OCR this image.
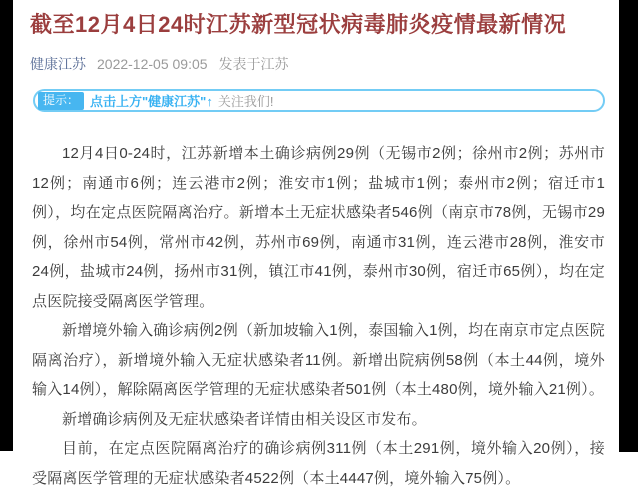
截至12月4日24时江苏新型冠状病毒肺炎疫情最新情况
健康江苏 2022-12-05 09:05 发表于江苏
提示： 点击上方"健康江苏"↑ 关注我们!

12月4日0-24时，江苏新增本土确诊病例29例（无锡市2例；徐州市2例；苏州市12例；南通市6例；连云港市2例；淮安市1例；盐城市1例；泰州市2例；宿迁市1例），均在定点医院隔离治疗。新增本土无症状感染者546例（南京市78例，无锡市29例，徐州市54例，常州市42例，苏州市69例，南通市31例，连云港市28例，淮安市24例，盐城市24例，扬州市31例，镇江市41例，泰州市30例，宿迁市65例），均在定点医院接受隔离医学管理。

新增境外输入确诊病例2例（新加坡输入1例，泰国输入1例，均在南京市定点医院隔离治疗），新增境外输入无症状感染者11例。新增出院病例58例（本土44例，境外输入14例），解除隔离医学管理的无症状感染者501例（本土480例，境外输入21例）。

新增确诊病例及无症状感染者详情由相关设区市发布。

目前，在定点医院隔离治疗的确诊病例311例（本土291例，境外输入20例），接受隔离医学管理的无症状感染者4522例（本土4447例，境外输入75例）。
